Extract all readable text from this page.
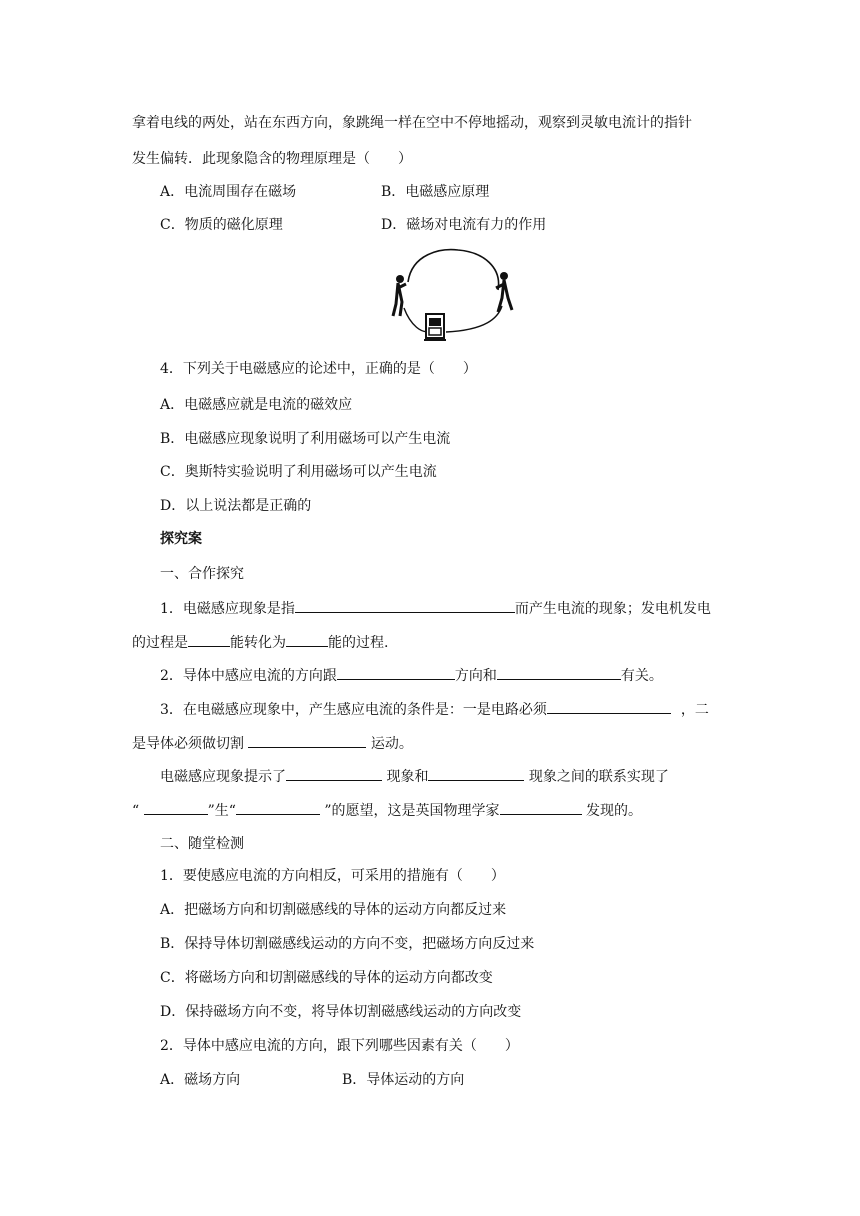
拿着电线的两处，站在东西方向，象跳绳一样在空中不停地摇动，观察到灵敏电流计的指针
发生偏转．此现象隐含的物理原理是（　　）
A．电流周围存在磁场	B．电磁感应原理
C．物质的磁化原理	D．磁场对电流有力的作用
4．下列关于电磁感应的论述中，正确的是（　　）
A．电磁感应就是电流的磁效应
B．电磁感应现象说明了利用磁场可以产生电流
C．奥斯特实验说明了利用磁场可以产生电流
D．以上说法都是正确的
探究案
一、合作探究
1．电磁感应现象是指	而产生电流的现象；发电机发电
的过程是	能转化为	能的过程.
2．导体中感应电流的方向跟	方向和	有关。
3．在电磁感应现象中，产生感应电流的条件是：一是电路必须	，二
是导体必须做切割	运动。
电磁感应现象提示了	现象和	现象之间的联系实现了
“	”生“	”的愿望，这是英国物理学家	发现的。
二、随堂检测
1．要使感应电流的方向相反，可采用的措施有（　　）
A．把磁场方向和切割磁感线的导体的运动方向都反过来
B．保持导体切割磁感线运动的方向不变，把磁场方向反过来
C．将磁场方向和切割磁感线的导体的运动方向都改变
D．保持磁场方向不变，将导体切割磁感线运动的方向改变
2．导体中感应电流的方向，跟下列哪些因素有关（　　）
A．磁场方向	B．导体运动的方向
